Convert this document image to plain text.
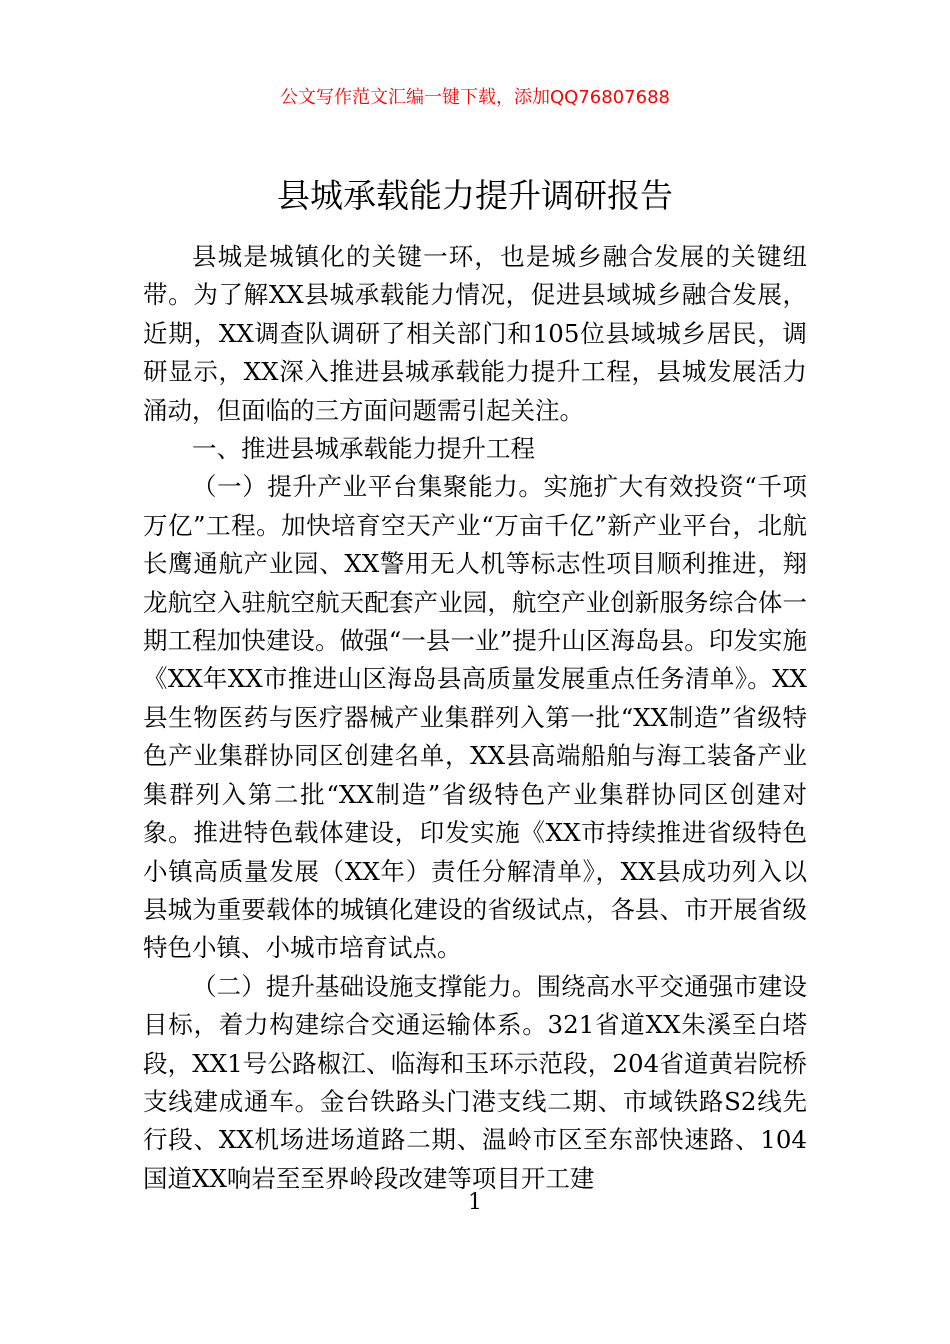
公文写作范文汇编一键下载，添加QQ76807688
县城承载能力提升调研报告

县城是城镇化的关键一环，也是城乡融合发展的关键纽带。为了解XX县城承载能力情况，促进县域城乡融合发展，近期，XX调查队调研了相关部门和105位县域城乡居民，调研显示，XX深入推进县城承载能力提升工程，县城发展活力涌动，但面临的三方面问题需引起关注。

一、推进县城承载能力提升工程

（一）提升产业平台集聚能力。实施扩大有效投资“千项万亿”工程。加快培育空天产业“万亩千亿”新产业平台，北航长鹰通航产业园、XX警用无人机等标志性项目顺利推进，翔龙航空入驻航空航天配套产业园，航空产业创新服务综合体一期工程加快建设。做强“一县一业”提升山区海岛县。印发实施《XX年XX市推进山区海岛县高质量发展重点任务清单》。XX县生物医药与医疗器械产业集群列入第一批“XX制造”省级特色产业集群协同区创建名单，XX县高端船舶与海工装备产业集群列入第二批“XX制造”省级特色产业集群协同区创建对象。推进特色载体建设，印发实施《XX市持续推进省级特色小镇高质量发展（XX年）责任分解清单》，XX县成功列入以县城为重要载体的城镇化建设的省级试点，各县、市开展省级特色小镇、小城市培育试点。

（二）提升基础设施支撑能力。围绕高水平交通强市建设目标，着力构建综合交通运输体系。321省道XX朱溪至白塔段，XX1号公路椒江、临海和玉环示范段，204省道黄岩院桥支线建成通车。金台铁路头门港支线二期、市域铁路S2线先行段、XX机场进场道路二期、温岭市区至东部快速路、104国道XX响岩至至界岭段改建等项目开工建

1
